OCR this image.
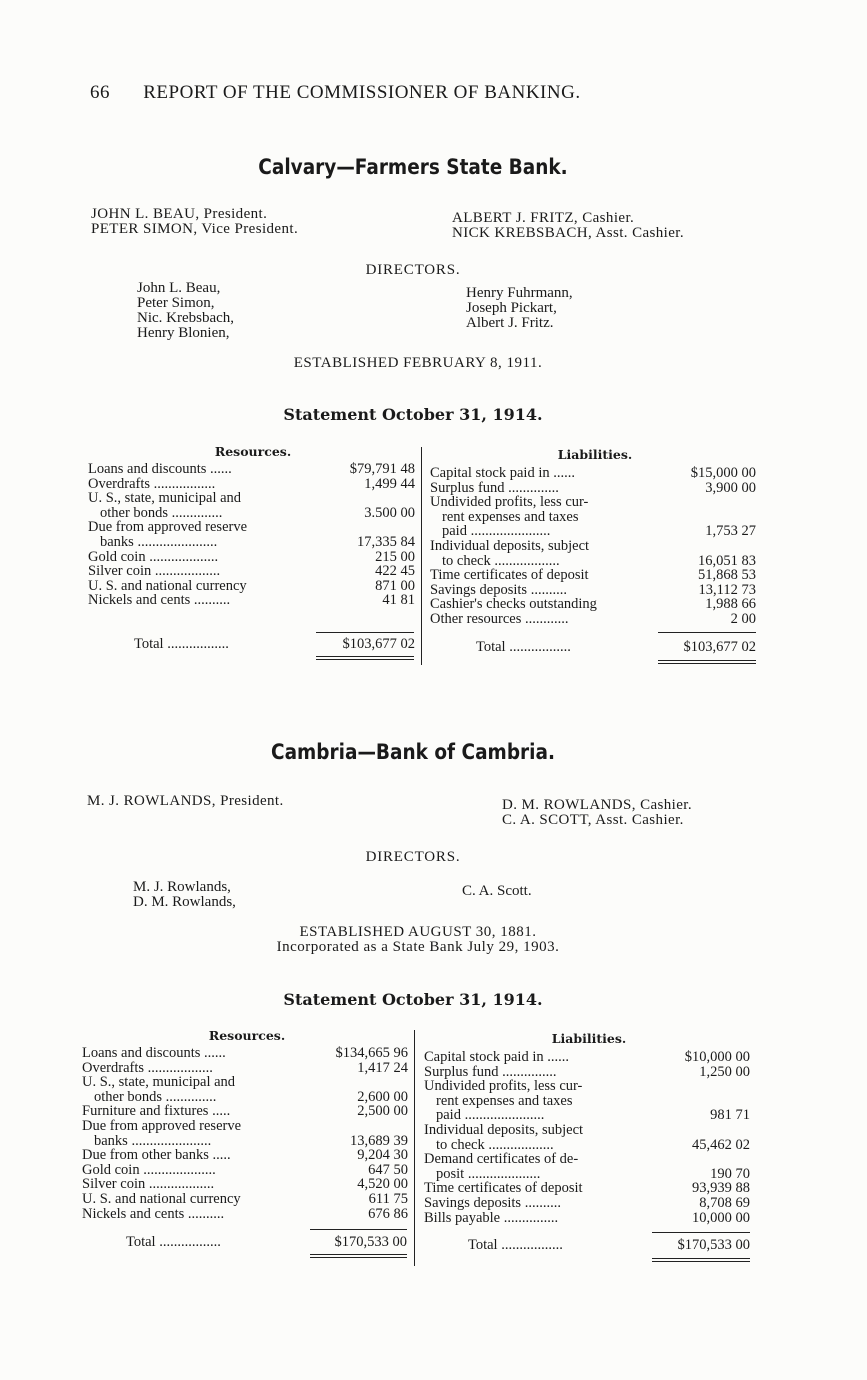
66 REPORT OF THE COMMISSIONER OF BANKING.
Calvary—Farmers State Bank.
JOHN L. BEAU, President.
PETER SIMON, Vice President.
ALBERT J. FRITZ, Cashier.
NICK KREBSBACH, Asst. Cashier.
DIRECTORS.
John L. Beau,
Peter Simon,
Nic. Krebsbach,
Henry Blonien,
Henry Fuhrmann,
Joseph Pickart,
Albert J. Fritz.
ESTABLISHED FEBRUARY 8, 1911.
Statement October 31, 1914.
Resources.	Liabilities.
Loans and discounts ......	$79,791 48
Overdrafts .................	1,499 44
U. S., state, municipal and
other bonds ..............	3.500 00
Due from approved reserve
banks ......................	17,335 84
Gold coin ...................	215 00
Silver coin ..................	422 45
U. S. and national currency	871 00
Nickels and cents ..........	41 81
Capital stock paid in ......	$15,000 00
Surplus fund ..............	3,900 00
Undivided profits, less cur-
rent expenses and taxes
paid ......................	1,753 27
Individual deposits, subject
to check ..................	16,051 83
Time certificates of deposit	51,868 53
Savings deposits ..........	13,112 73
Cashier's checks outstanding	1,988 66
Other resources ............	2 00
Total .................	$103,677 02	Total .................	$103,677 02
Cambria—Bank of Cambria.
M. J. ROWLANDS, President.	D. M. ROWLANDS, Cashier.
C. A. SCOTT, Asst. Cashier.
DIRECTORS.
M. J. Rowlands,
D. M. Rowlands,
C. A. Scott.
ESTABLISHED AUGUST 30, 1881.
Incorporated as a State Bank July 29, 1903.
Statement October 31, 1914.
Resources.	Liabilities.
Loans and discounts ......	$134,665 96
Overdrafts ..................	1,417 24
U. S., state, municipal and
other bonds ..............	2,600 00
Furniture and fixtures .....	2,500 00
Due from approved reserve
banks ......................	13,689 39
Due from other banks .....	9,204 30
Gold coin ....................	647 50
Silver coin ..................	4,520 00
U. S. and national currency	611 75
Nickels and cents ..........	676 86
Capital stock paid in ......	$10,000 00
Surplus fund ...............	1,250 00
Undivided profits, less cur-
rent expenses and taxes
paid ......................	981 71
Individual deposits, subject
to check ..................	45,462 02
Demand certificates of de-
posit ....................	190 70
Time certificates of deposit	93,939 88
Savings deposits ..........	8,708 69
Bills payable ...............	10,000 00
Total .................	$170,533 00	Total .................	$170,533 00
